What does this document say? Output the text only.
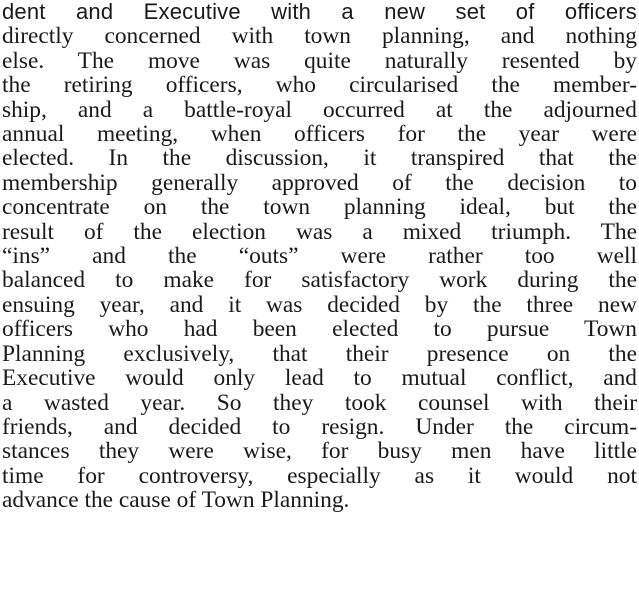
dent and Executive with a new set of officers
directly concerned with town planning, and nothing
else. The move was quite naturally resented by
the retiring officers, who circularised the member-
ship, and a battle-royal occurred at the adjourned
annual meeting, when officers for the year were
elected. In the discussion, it transpired that the
membership generally approved of the decision to
concentrate on the town planning ideal, but the
result of the election was a mixed triumph. The
“ins” and the “outs” were rather too well
balanced to make for satisfactory work during the
ensuing year, and it was decided by the three new
officers who had been elected to pursue Town
Planning exclusively, that their presence on the
Executive would only lead to mutual conflict, and
a wasted year. So they took counsel with their
friends, and decided to resign. Under the circum-
stances they were wise, for busy men have little
time for controversy, especially as it would not
advance the cause of Town Planning.
